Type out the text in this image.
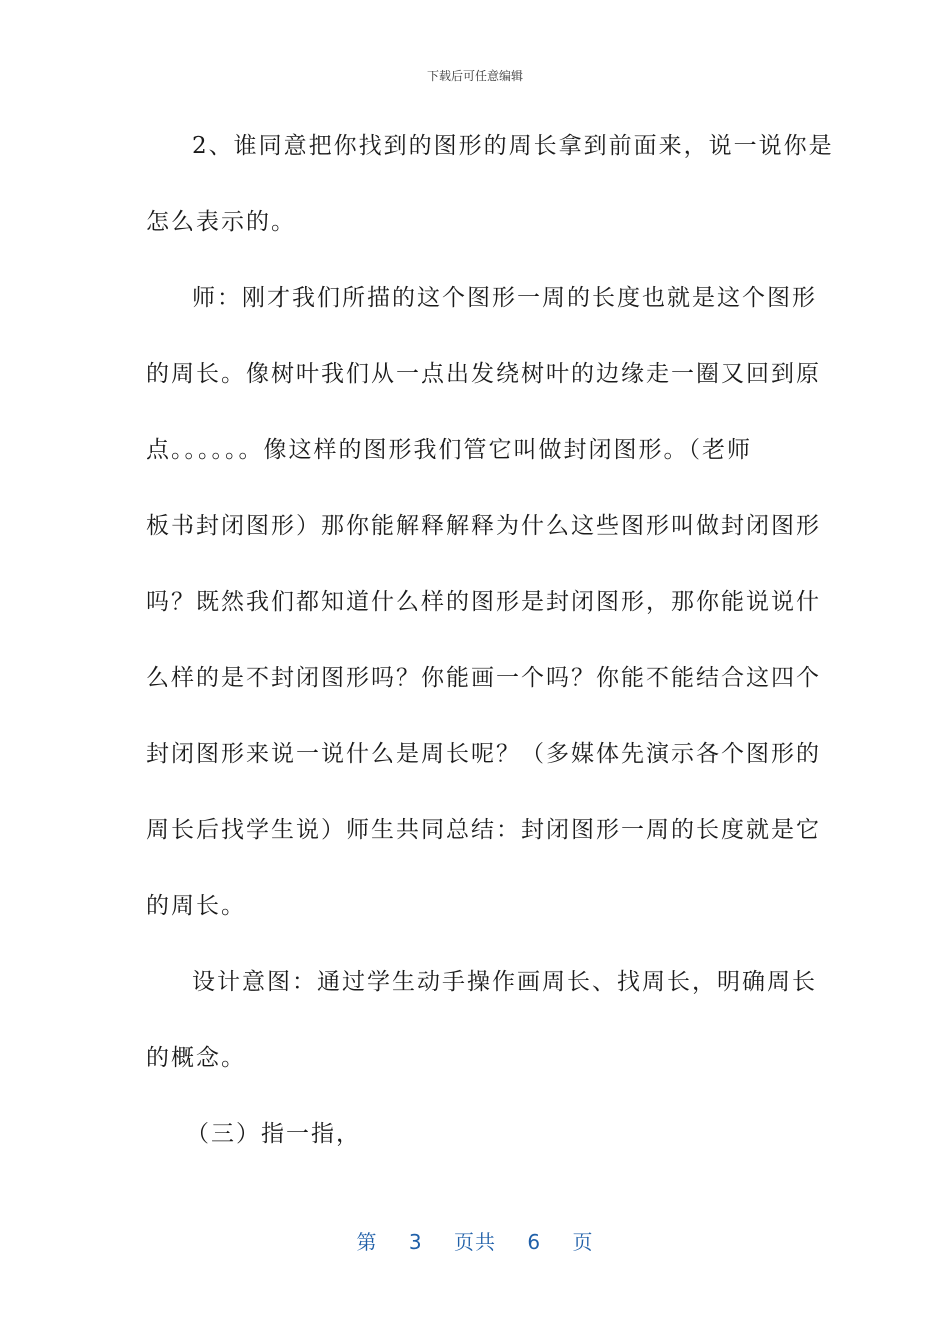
下载后可任意编辑

2、谁同意把你找到的图形的周长拿到前面来，说一说你是

怎么表示的。

师：刚才我们所描的这个图形一周的长度也就是这个图形

的周长。像树叶我们从一点出发绕树叶的边缘走一圈又回到原

点。。。。。。像这样的图形我们管它叫做封闭图形。（老师

板书封闭图形）那你能解释解释为什么这些图形叫做封闭图形

吗？既然我们都知道什么样的图形是封闭图形，那你能说说什

么样的是不封闭图形吗？你能画一个吗？你能不能结合这四个

封闭图形来说一说什么是周长呢？（多媒体先演示各个图形的

周长后找学生说）师生共同总结：封闭图形一周的长度就是它

的周长。

设计意图：通过学生动手操作画周长、找周长，明确周长

的概念。

（三）指一指，

第 3 页共 6 页
